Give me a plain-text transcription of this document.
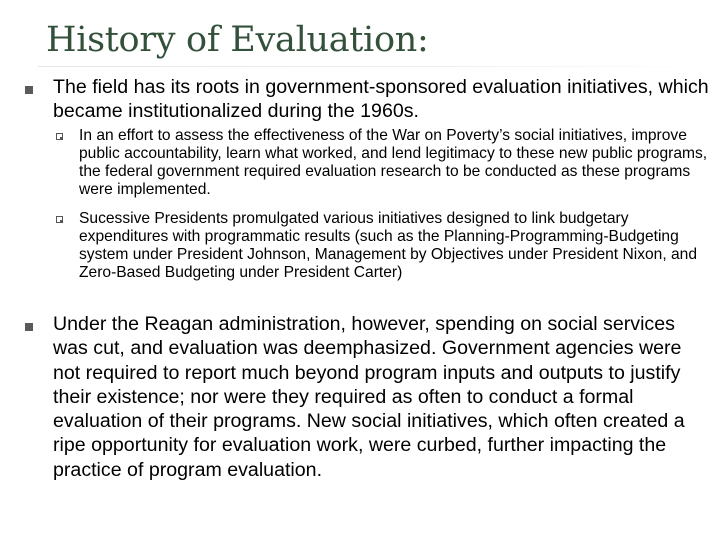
History of Evaluation:

The field has its roots in government-sponsored evaluation initiatives, which became institutionalized during the 1960s.

In an effort to assess the effectiveness of the War on Poverty’s social initiatives, improve public accountability, learn what worked, and lend legitimacy to these new public programs, the federal government required evaluation research to be conducted as these programs were implemented.

Sucessive Presidents promulgated various initiatives designed to link budgetary expenditures with programmatic results (such as the Planning-Programming-Budgeting system under President Johnson, Management by Objectives under President Nixon, and Zero-Based Budgeting under President Carter)

Under the Reagan administration, however, spending on social services was cut, and evaluation was deemphasized. Government agencies were not required to report much beyond program inputs and outputs to justify their existence; nor were they required as often to conduct a formal evaluation of their programs. New social initiatives, which often created a ripe opportunity for evaluation work, were curbed, further impacting the practice of program evaluation.
